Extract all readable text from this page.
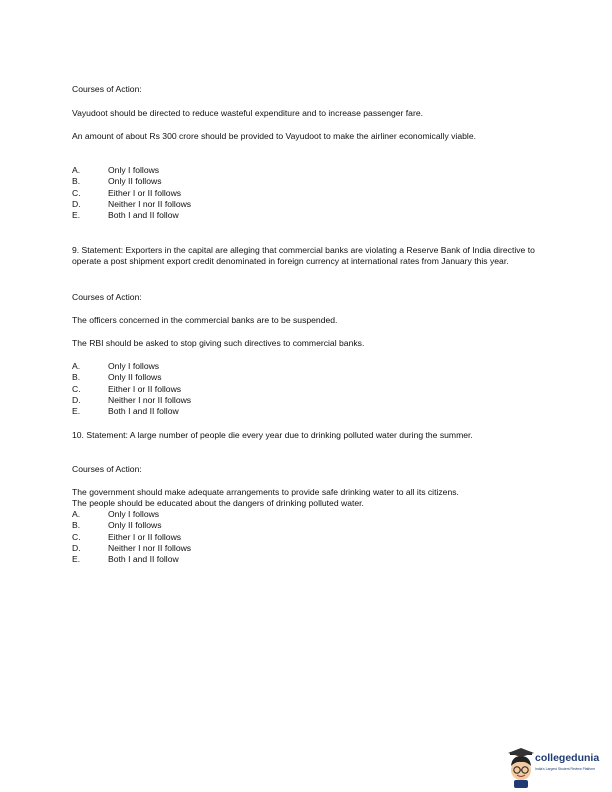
Courses of Action:

Vayudoot should be directed to reduce wasteful expenditure and to increase passenger fare.

An amount of about Rs 300 crore should be provided to Vayudoot to make the airliner economically viable.

A.	Only I follows
B.	Only II follows
C.	Either I or II follows
D.	Neither I nor II follows
E.	Both I and II follow

9. Statement: Exporters in the capital are alleging that commercial banks are violating a Reserve Bank of India directive to operate a post shipment export credit denominated in foreign currency at international rates from January this year.

Courses of Action:

The officers concerned in the commercial banks are to be suspended.

The RBI should be asked to stop giving such directives to commercial banks.

A.	Only I follows
B.	Only II follows
C.	Either I or II follows
D.	Neither I nor II follows
E.	Both I and II follow

10. Statement: A large number of people die every year due to drinking polluted water during the summer.

Courses of Action:

The government should make adequate arrangements to provide safe drinking water to all its citizens.

The people should be educated about the dangers of drinking polluted water.

A.	Only I follows
B.	Only II follows
C.	Either I or II follows
D.	Neither I nor II follows
E.	Both I and II follow
collegedunia
India's Largest Student Review Platform
